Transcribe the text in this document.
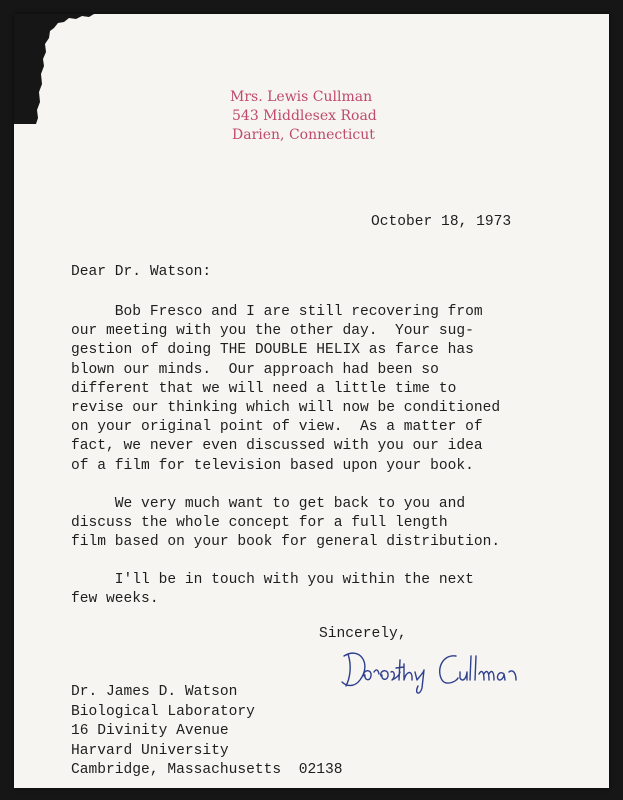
Mrs. Lewis Cullman
543 Middlesex Road
Darien, Connecticut
October 18, 1973
Dear Dr. Watson:
Bob Fresco and I are still recovering from
our meeting with you the other day.  Your sug-
gestion of doing THE DOUBLE HELIX as farce has
blown our minds.  Our approach had been so
different that we will need a little time to
revise our thinking which will now be conditioned
on your original point of view.  As a matter of
fact, we never even discussed with you our idea
of a film for television based upon your book.
We very much want to get back to you and
discuss the whole concept for a full length
film based on your book for general distribution.
I'll be in touch with you within the next
few weeks.
Sincerely,
Dr. James D. Watson
Biological Laboratory
16 Divinity Avenue
Harvard University
Cambridge, Massachusetts  02138
